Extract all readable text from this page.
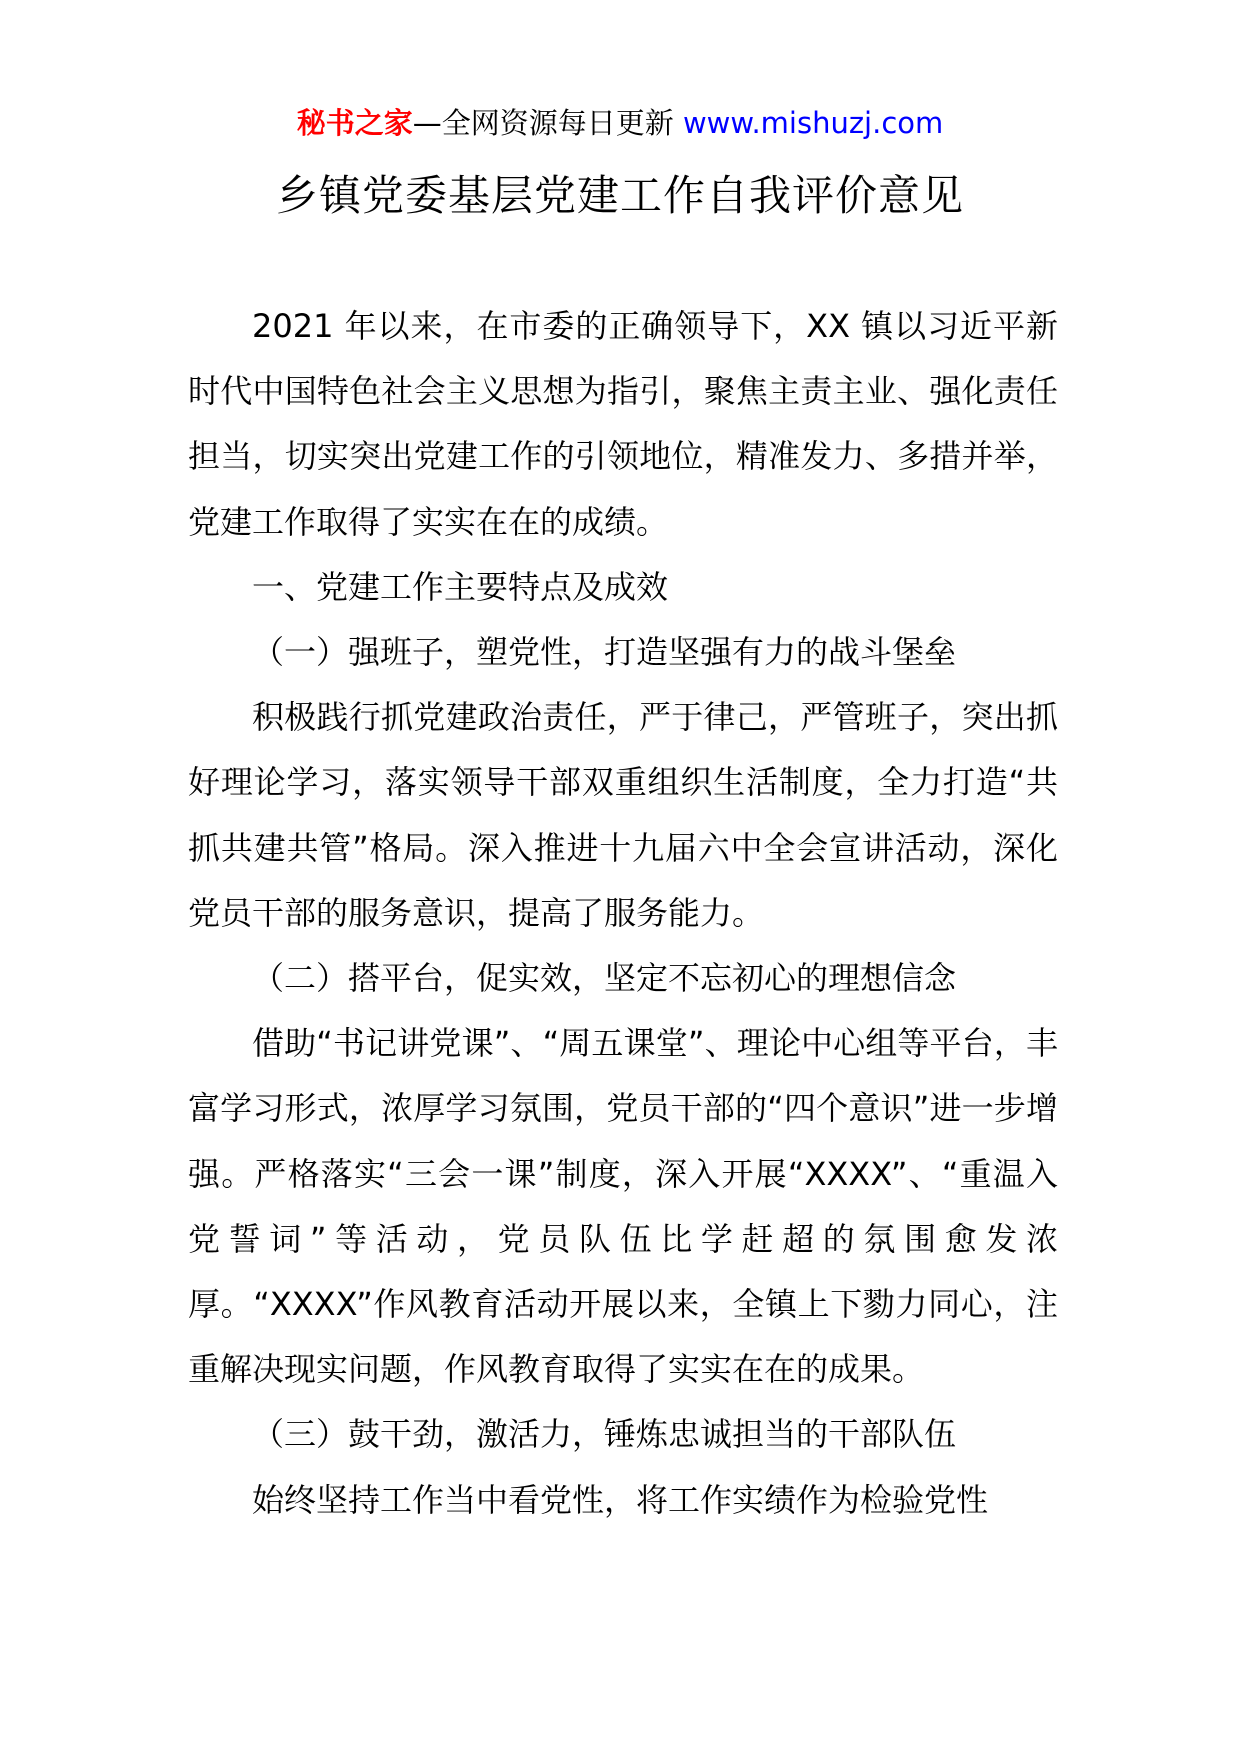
秘书之家—全网资源每日更新 www.mishuzj.com
乡镇党委基层党建工作自我评价意见

2021 年以来，在市委的正确领导下，XX 镇以习近平新时代中国特色社会主义思想为指引，聚焦主责主业、强化责任担当，切实突出党建工作的引领地位，精准发力、多措并举，党建工作取得了实实在在的成绩。

一、党建工作主要特点及成效

（一）强班子，塑党性，打造坚强有力的战斗堡垒

积极践行抓党建政治责任，严于律己，严管班子，突出抓好理论学习，落实领导干部双重组织生活制度，全力打造“共抓共建共管”格局。深入推进十九届六中全会宣讲活动，深化党员干部的服务意识，提高了服务能力。

（二）搭平台，促实效，坚定不忘初心的理想信念

借助“书记讲党课”、“周五课堂”、理论中心组等平台，丰富学习形式，浓厚学习氛围，党员干部的“四个意识”进一步增强。严格落实“三会一课”制度，深入开展“XXXX”、“重温入党誓词”等活动，党员队伍比学赶超的氛围愈发浓厚。“XXXX”作风教育活动开展以来，全镇上下勠力同心，注重解决现实问题，作风教育取得了实实在在的成果。

（三）鼓干劲，激活力，锤炼忠诚担当的干部队伍

始终坚持工作当中看党性，将工作实绩作为检验党性
